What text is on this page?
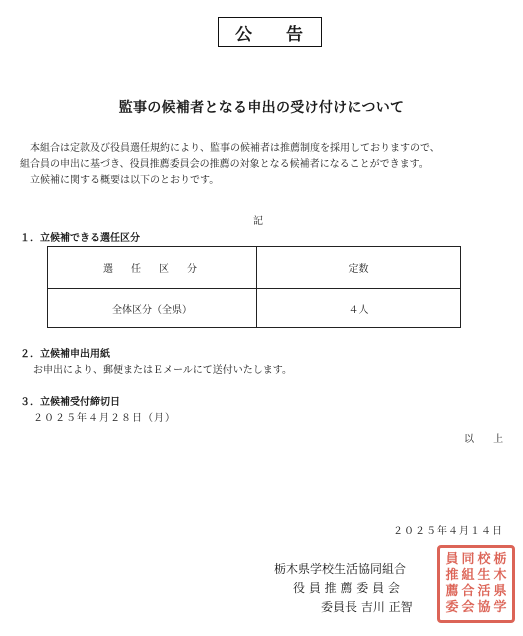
公 告
監事の候補者となる申出の受け付けについて
本組合は定款及び役員選任規約により、監事の候補者は推薦制度を採用しておりますので、
組合員の申出に基づき、役員推薦委員会の推薦の対象となる候補者になることができます。
立候補に関する概要は以下のとおりです。
記
１．立候補できる選任区分
選　任　区　分	定数
全体区分（全県）	４人
２．立候補申出用紙
お申出により、郵便またはＥメールにて送付いたします。
３．立候補受付締切日
２０２５年４月２８日（月）
以 上
２０２５年４月１４日
栃木県学校生活協同組合
役 員 推 薦 委 員 会
委員長 吉川 正智
員 同 校 栃
推 組 生 木
薦 合 活 県
委 会 協 学
